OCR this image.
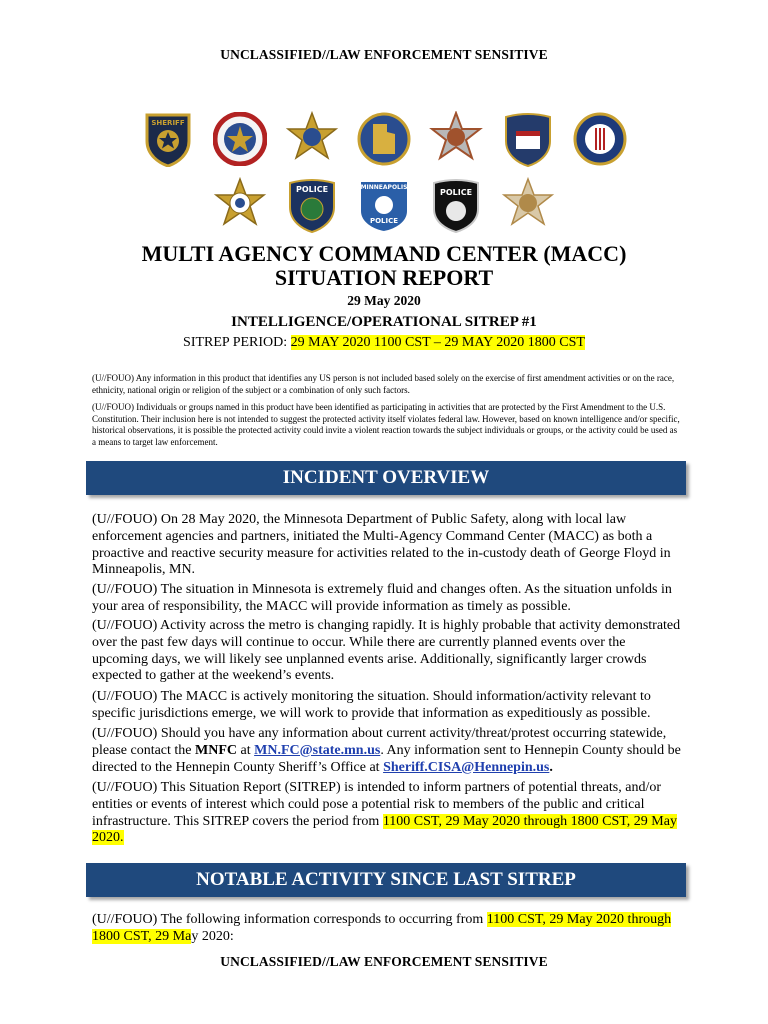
UNCLASSIFIED//LAW ENFORCEMENT SENSITIVE
SHERIFF
POLICE	MINNEAPOLIS
POLICE
POLICE
MULTI AGENCY COMMAND CENTER (MACC)
SITUATION REPORT
29 May 2020
INTELLIGENCE/OPERATIONAL SITREP #1
SITREP PERIOD: 29 MAY 2020 1100 CST – 29 MAY 2020 1800 CST
(U//FOUO) Any information in this product that identifies any US person is not included based solely on the exercise of first amendment activities or on the race, ethnicity, national origin or religion of the subject or a combination of only such factors.
(U//FOUO) Individuals or groups named in this product have been identified as participating in activities that are protected by the First Amendment to the U.S. Constitution. Their inclusion here is not intended to suggest the protected activity itself violates federal law. However, based on known intelligence and/or specific, historical observations, it is possible the protected activity could invite a violent reaction towards the subject individuals or groups, or the activity could be used as a means to target law enforcement.
INCIDENT OVERVIEW
(U//FOUO) On 28 May 2020, the Minnesota Department of Public Safety, along with local law enforcement agencies and partners, initiated the Multi-Agency Command Center (MACC) as both a proactive and reactive security measure for activities related to the in-custody death of George Floyd in Minneapolis, MN.
(U//FOUO) The situation in Minnesota is extremely fluid and changes often. As the situation unfolds in your area of responsibility, the MACC will provide information as timely as possible.
(U//FOUO) Activity across the metro is changing rapidly. It is highly probable that activity demonstrated over the past few days will continue to occur. While there are currently planned events over the upcoming days, we will likely see unplanned events arise. Additionally, significantly larger crowds expected to gather at the weekend’s events.
(U//FOUO) The MACC is actively monitoring the situation. Should information/activity relevant to specific jurisdictions emerge, we will work to provide that information as expeditiously as possible.
(U//FOUO) Should you have any information about current activity/threat/protest occurring statewide, please contact the MNFC at MN.FC@state.mn.us. Any information sent to Hennepin County should be directed to the Hennepin County Sheriff’s Office at Sheriff.CISA@Hennepin.us.
(U//FOUO) This Situation Report (SITREP) is intended to inform partners of potential threats, and/or entities or events of interest which could pose a potential risk to members of the public and critical infrastructure. This SITREP covers the period from 1100 CST, 29 May 2020 through 1800 CST, 29 May 2020.
NOTABLE ACTIVITY SINCE LAST SITREP
(U//FOUO) The following information corresponds to occurring from 1100 CST, 29 May 2020 through 1800 CST, 29 May 2020:
UNCLASSIFIED//LAW ENFORCEMENT SENSITIVE
